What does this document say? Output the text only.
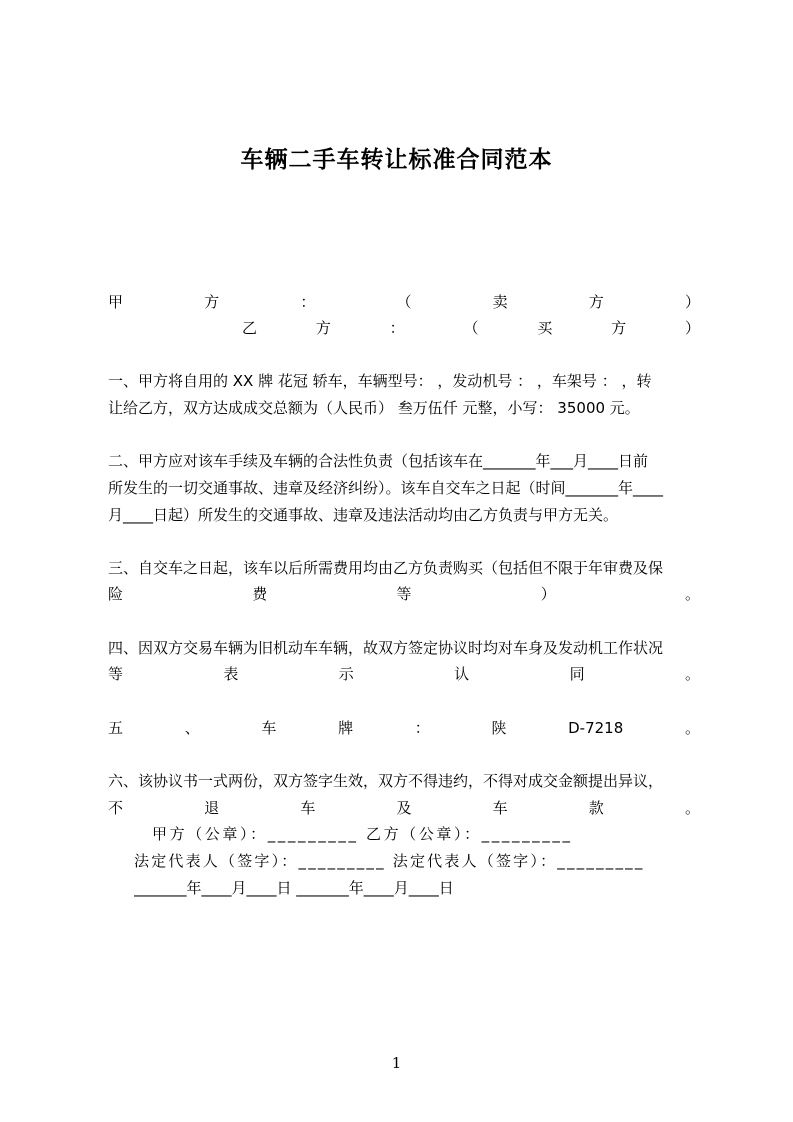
车辆二手车转让标准合同范本
甲	方	：	（	卖	方	）
乙	方	：	（	买	方	）
一、甲方将自用的 XX 牌 花冠 轿车，车辆型号： ，发动机号 ： ，车架号 ： ，转
让给乙方，双方达成成交总额为（人民币） 叁万伍仟 元整，小写： 35000 元。
二、甲方应对该车手续及车辆的合法性负责（包括该车在_______年___月____日前
所发生的一切交通事故、违章及经济纠纷）。该车自交车之日起（时间_______年____
月____日起）所发生的交通事故、违章及违法活动均由乙方负责与甲方无关。
三、自交车之日起，该车以后所需费用均由乙方负责购买（包括但不限于年审费及保
险	费	等	）	。
四、因双方交易车辆为旧机动车车辆，故双方签定协议时均对车身及发动机工作状况
等	表	示	认	同	。
五	、	车	牌	：	陕	D-7218	。
六、该协议书一式两份，双方签字生效，双方不得违约，不得对成交金额提出异议，
不	退	车	及	车	款	。
甲方（公章）：_________ 乙方（公章）：_________
法定代表人（签字）：_________ 法定代表人（签字）：_________
_______年____月____日 _______年____月____日
1
